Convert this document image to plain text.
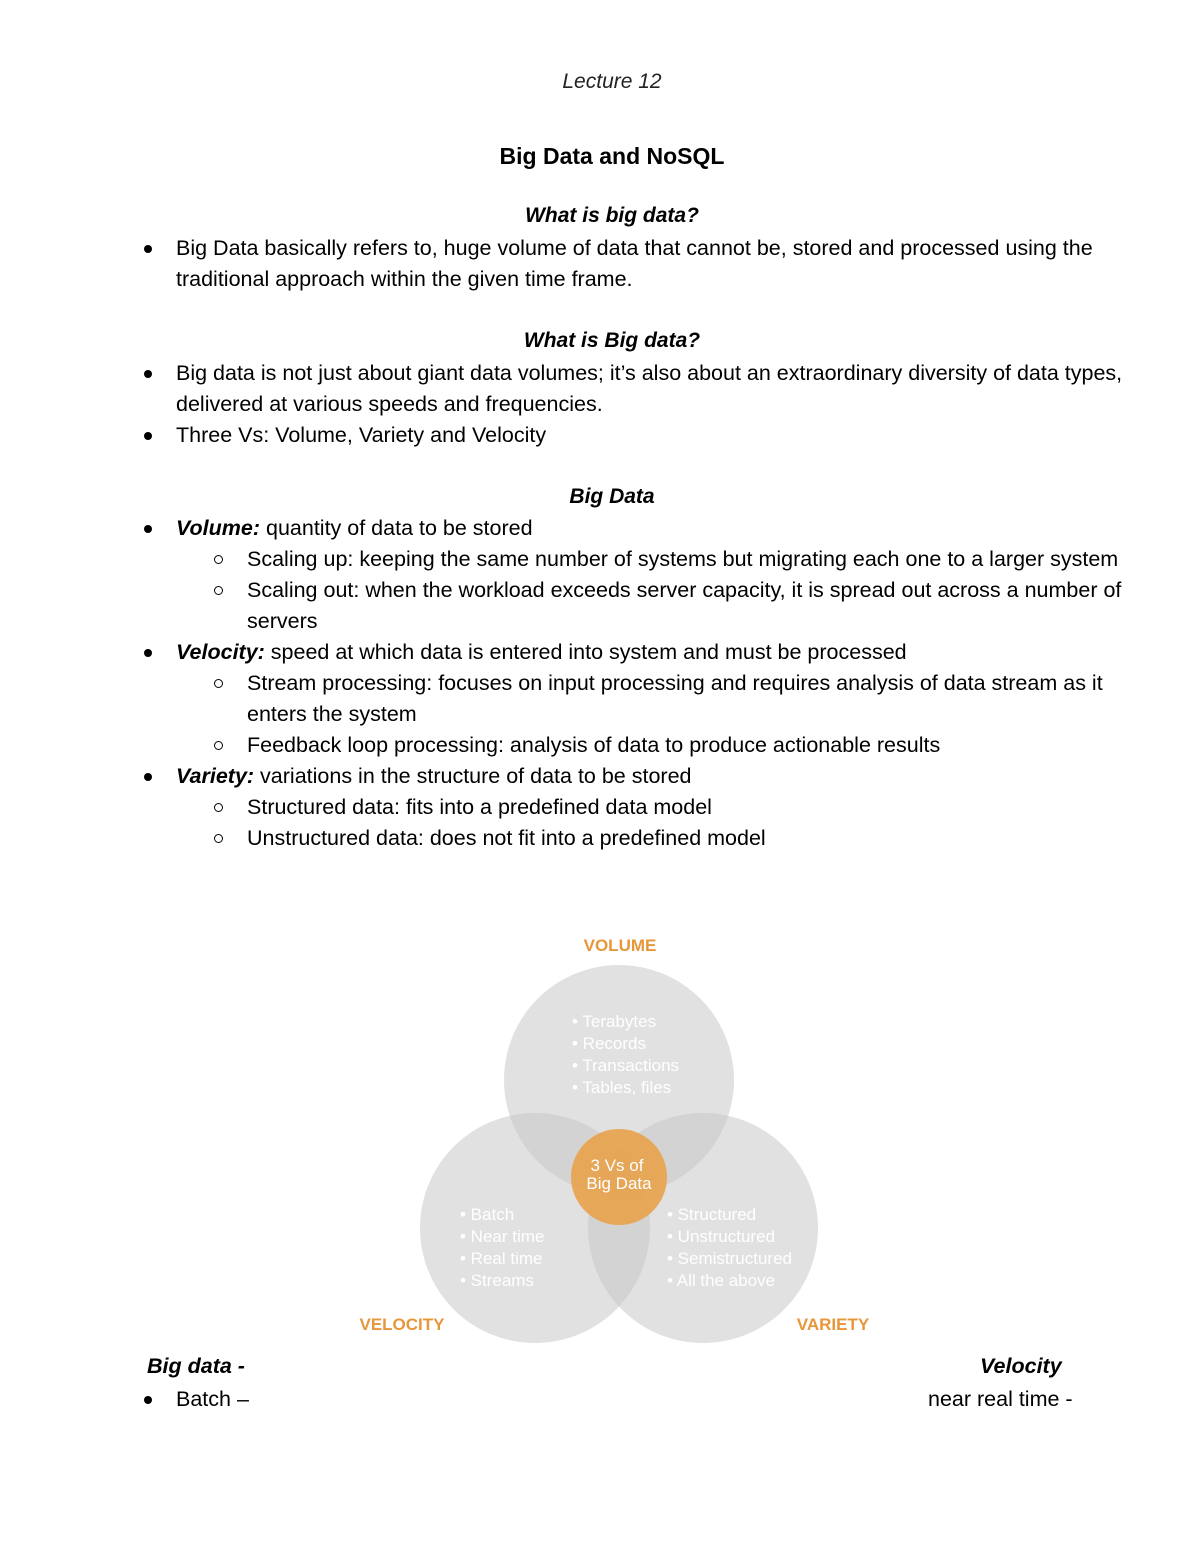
Lecture 12
Big Data and NoSQL
What is big data?
Big Data basically refers to, huge volume of data that cannot be, stored and processed using the traditional approach within the given time frame.
What is Big data?
Big data is not just about giant data volumes; it’s also about an extraordinary diversity of data types, delivered at various speeds and frequencies.
Three Vs: Volume, Variety and Velocity
Big Data
Volume: quantity of data to be stored
Scaling up: keeping the same number of systems but migrating each one to a larger system
Scaling out: when the workload exceeds server capacity, it is spread out across a number of servers
Velocity: speed at which data is entered into system and must be processed
Stream processing: focuses on input processing and requires analysis of data stream as it enters the system
Feedback loop processing: analysis of data to produce actionable results
Variety: variations in the structure of data to be stored
Structured data: fits into a predefined data model
Unstructured data: does not fit into a predefined model
3 Vs of
Big Data
VOLUME
VELOCITY	VARIETY
• Terabytes
• Records
• Transactions
• Tables, files
• Batch
• Near time
• Real time
• Streams
• Structured
• Unstructured
• Semistructured
• All the above
Big data -	Velocity
Batch –	near real time -
